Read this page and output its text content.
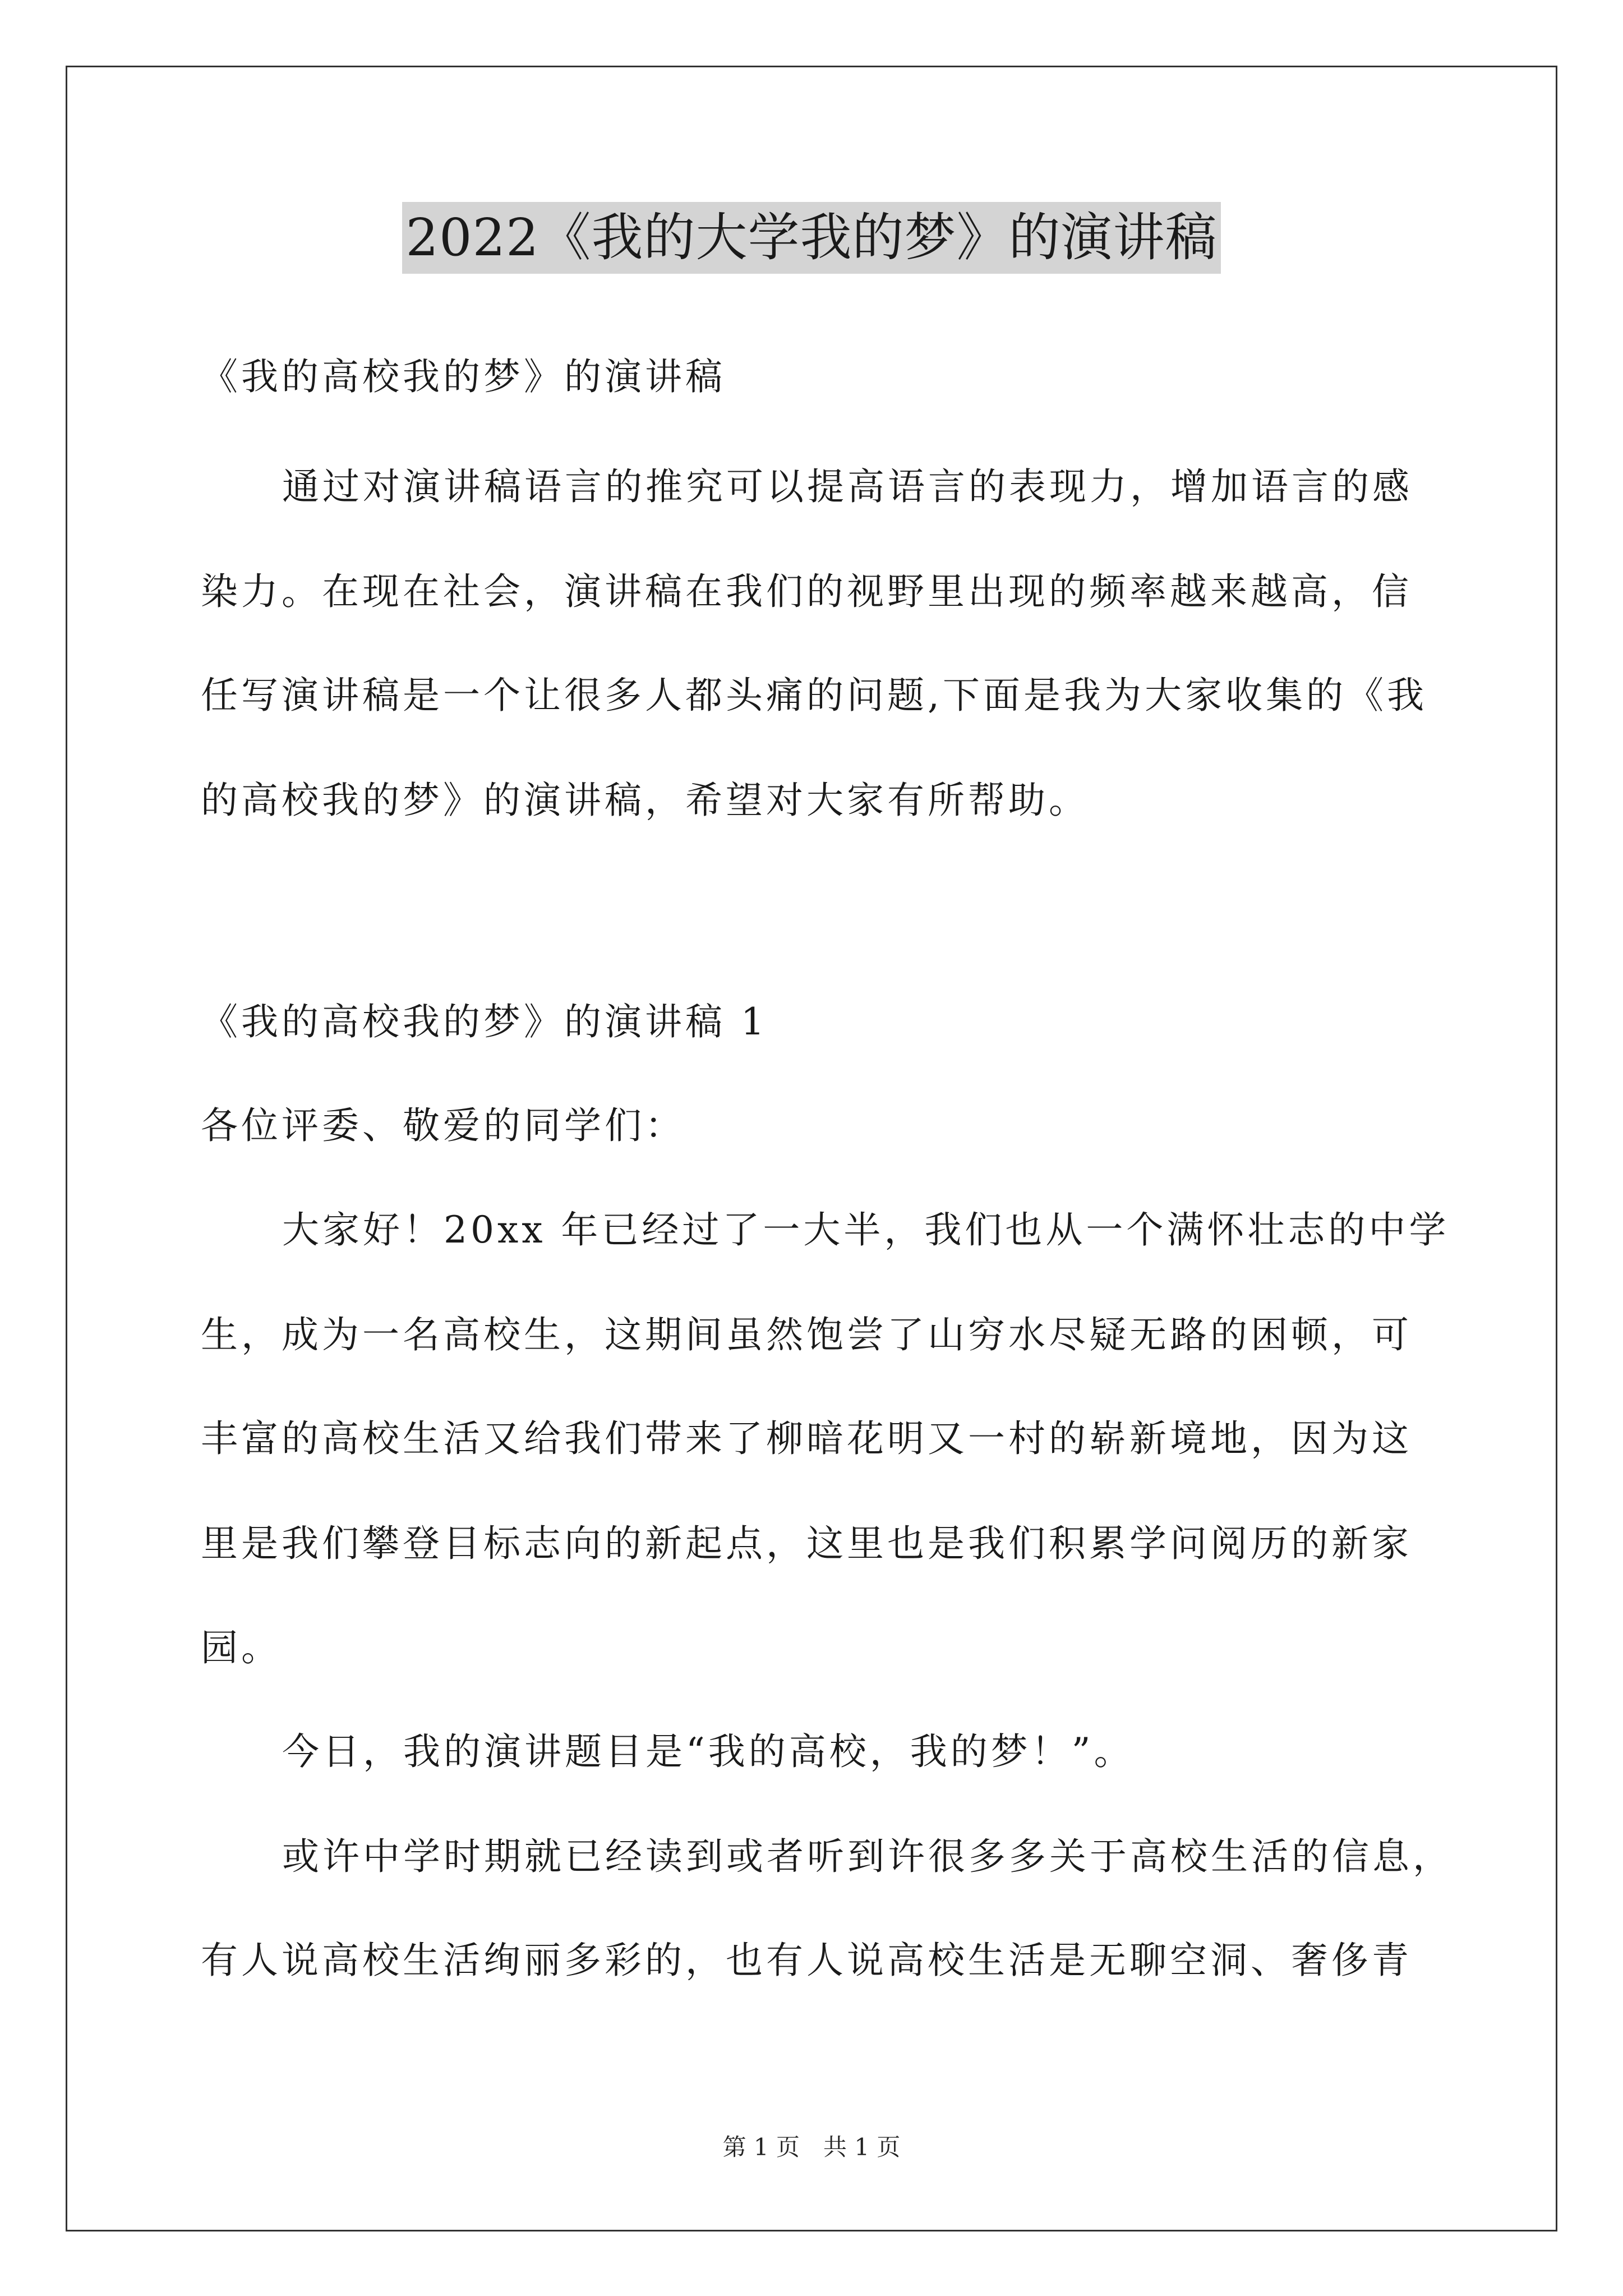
2022《我的大学我的梦》的演讲稿
《我的高校我的梦》的演讲稿
通过对演讲稿语言的推究可以提高语言的表现力，增加语言的感
染力。在现在社会，演讲稿在我们的视野里出现的频率越来越高，信
任写演讲稿是一个让很多人都头痛的问题,下面是我为大家收集的《我
的高校我的梦》的演讲稿，希望对大家有所帮助。
《我的高校我的梦》的演讲稿 1
各位评委、敬爱的同学们：
大家好！20xx 年已经过了一大半，我们也从一个满怀壮志的中学
生，成为一名高校生，这期间虽然饱尝了山穷水尽疑无路的困顿，可
丰富的高校生活又给我们带来了柳暗花明又一村的崭新境地，因为这
里是我们攀登目标志向的新起点，这里也是我们积累学问阅历的新家
园。
今日，我的演讲题目是“我的高校，我的梦！”。
或许中学时期就已经读到或者听到许很多多关于高校生活的信息，
有人说高校生活绚丽多彩的，也有人说高校生活是无聊空洞、奢侈青
第 1 页　共 1 页
